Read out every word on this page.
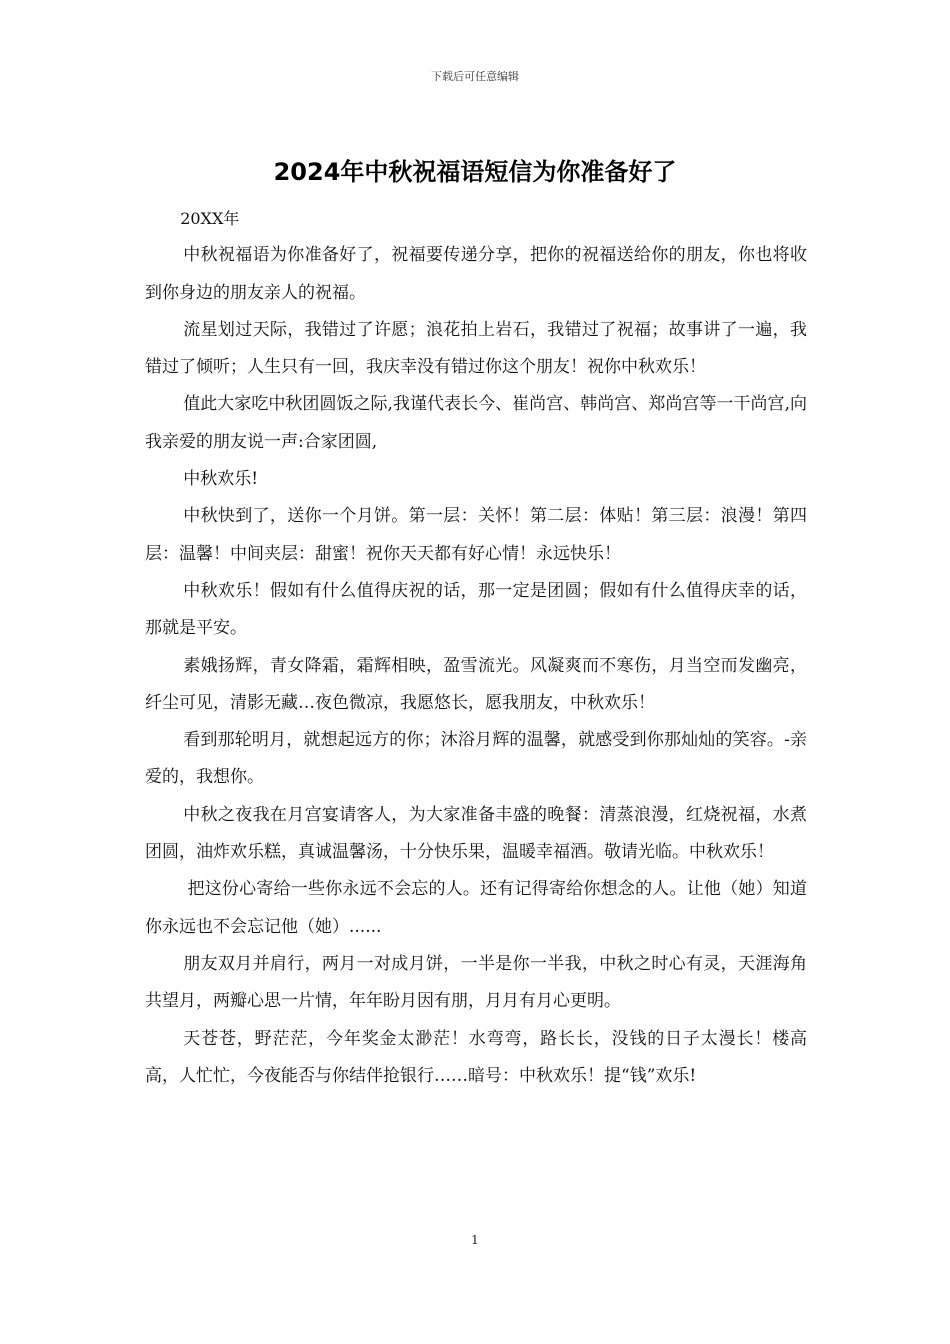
下载后可任意编辑
2024年中秋祝福语短信为你准备好了

20XX年

中秋祝福语为你准备好了，祝福要传递分享，把你的祝福送给你的朋友，你也将收到你身边的朋友亲人的祝福。

流星划过天际，我错过了许愿；浪花拍上岩石，我错过了祝福；故事讲了一遍，我错过了倾听；人生只有一回，我庆幸没有错过你这个朋友！祝你中秋欢乐！

值此大家吃中秋团圆饭之际,我谨代表长今、崔尚宫、韩尚宫、郑尚宫等一干尚宫,向我亲爱的朋友说一声:合家团圆,

中秋欢乐!

中秋快到了，送你一个月饼。第一层：关怀！第二层：体贴！第三层：浪漫！第四层：温馨！中间夹层：甜蜜！祝你天天都有好心情！永远快乐！

中秋欢乐！假如有什么值得庆祝的话，那一定是团圆；假如有什么值得庆幸的话，那就是平安。

素娥扬辉，青女降霜，霜辉相映，盈雪流光。风凝爽而不寒伤，月当空而发幽亮，纤尘可见，清影无藏…夜色微凉，我愿悠长，愿我朋友，中秋欢乐！

看到那轮明月，就想起远方的你；沐浴月辉的温馨，就感受到你那灿灿的笑容。-亲爱的，我想你。

中秋之夜我在月宫宴请客人，为大家准备丰盛的晚餐：清蒸浪漫，红烧祝福，水煮团圆，油炸欢乐糕，真诚温馨汤，十分快乐果，温暖幸福酒。敬请光临。中秋欢乐！

把这份心寄给一些你永远不会忘的人。还有记得寄给你想念的人。让他（她）知道你永远也不会忘记他（她）......

朋友双月并肩行，两月一对成月饼，一半是你一半我，中秋之时心有灵，天涯海角共望月，两瓣心思一片情，年年盼月因有朋，月月有月心更明。

天苍苍，野茫茫，今年奖金太渺茫！水弯弯，路长长，没钱的日子太漫长！楼高高，人忙忙，今夜能否与你结伴抢银行……暗号：中秋欢乐！提“钱”欢乐!

1
